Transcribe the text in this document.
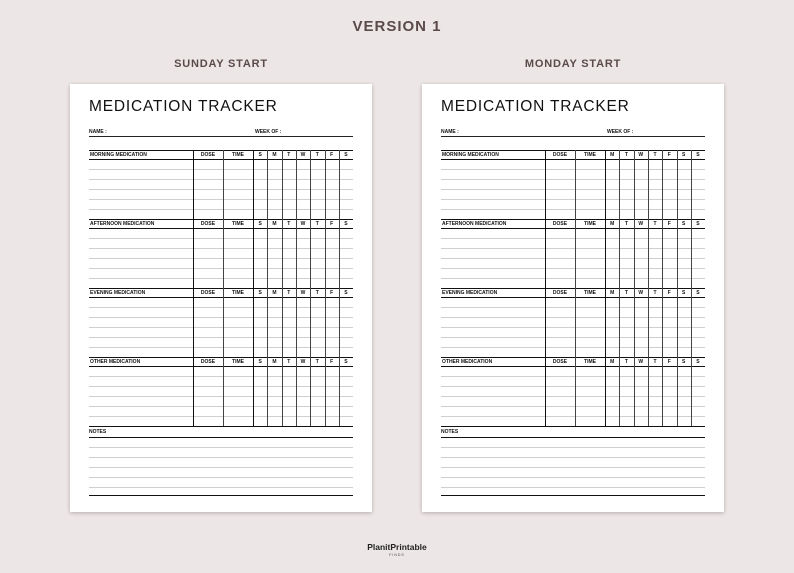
VERSION 1
SUNDAY START	MONDAY START
MEDICATION TRACKER
NAME :	WEEK OF :
MORNING MEDICATION	DOSE	TIME	S	M	T	W	T	F	S
AFTERNOON MEDICATION	DOSE	TIME	S	M	T	W	T	F	S
EVENING MEDICATION	DOSE	TIME	S	M	T	W	T	F	S
OTHER MEDICATION	DOSE	TIME	S	M	T	W	T	F	S
NOTES
MEDICATION TRACKER
NAME :	WEEK OF :
MORNING MEDICATION	DOSE	TIME	M	T	W	T	F	S	S
AFTERNOON MEDICATION	DOSE	TIME	M	T	W	T	F	S	S
EVENING MEDICATION	DOSE	TIME	M	T	W	T	F	S	S
OTHER MEDICATION	DOSE	TIME	M	T	W	T	F	S	S
NOTES
PlanitPrintable
FINDS
